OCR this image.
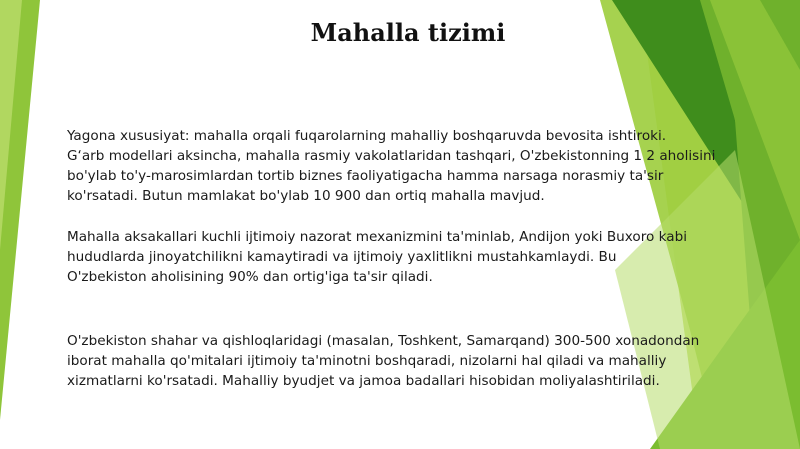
Mahalla tizimi
Yagona xususiyat: mahalla orqali fuqarolarning mahalliy boshqaruvda bevosita ishtiroki.
G‘arb modellari aksincha, mahalla rasmiy vakolatlaridan tashqari, O'zbekistonning 1 2 aholisini
bo'ylab to'y-marosimlardan tortib biznes faoliyatigacha hamma narsaga norasmiy ta'sir
ko'rsatadi. Butun mamlakat bo'ylab 10 900 dan ortiq mahalla mavjud.
Mahalla aksakallari kuchli ijtimoiy nazorat mexanizmini ta'minlab, Andijon yoki Buxoro kabi
hududlarda jinoyatchilikni kamaytiradi va ijtimoiy yaxlitlikni mustahkamlaydi. Bu
O'zbekiston aholisining 90% dan ortig'iga ta'sir qiladi.
O'zbekiston shahar va qishloqlaridagi (masalan, Toshkent, Samarqand) 300-500 xonadondan
iborat mahalla qo'mitalari ijtimoiy ta'minotni boshqaradi, nizolarni hal qiladi va mahalliy
xizmatlarni ko'rsatadi. Mahalliy byudjet va jamoa badallari hisobidan moliyalashtiriladi.
